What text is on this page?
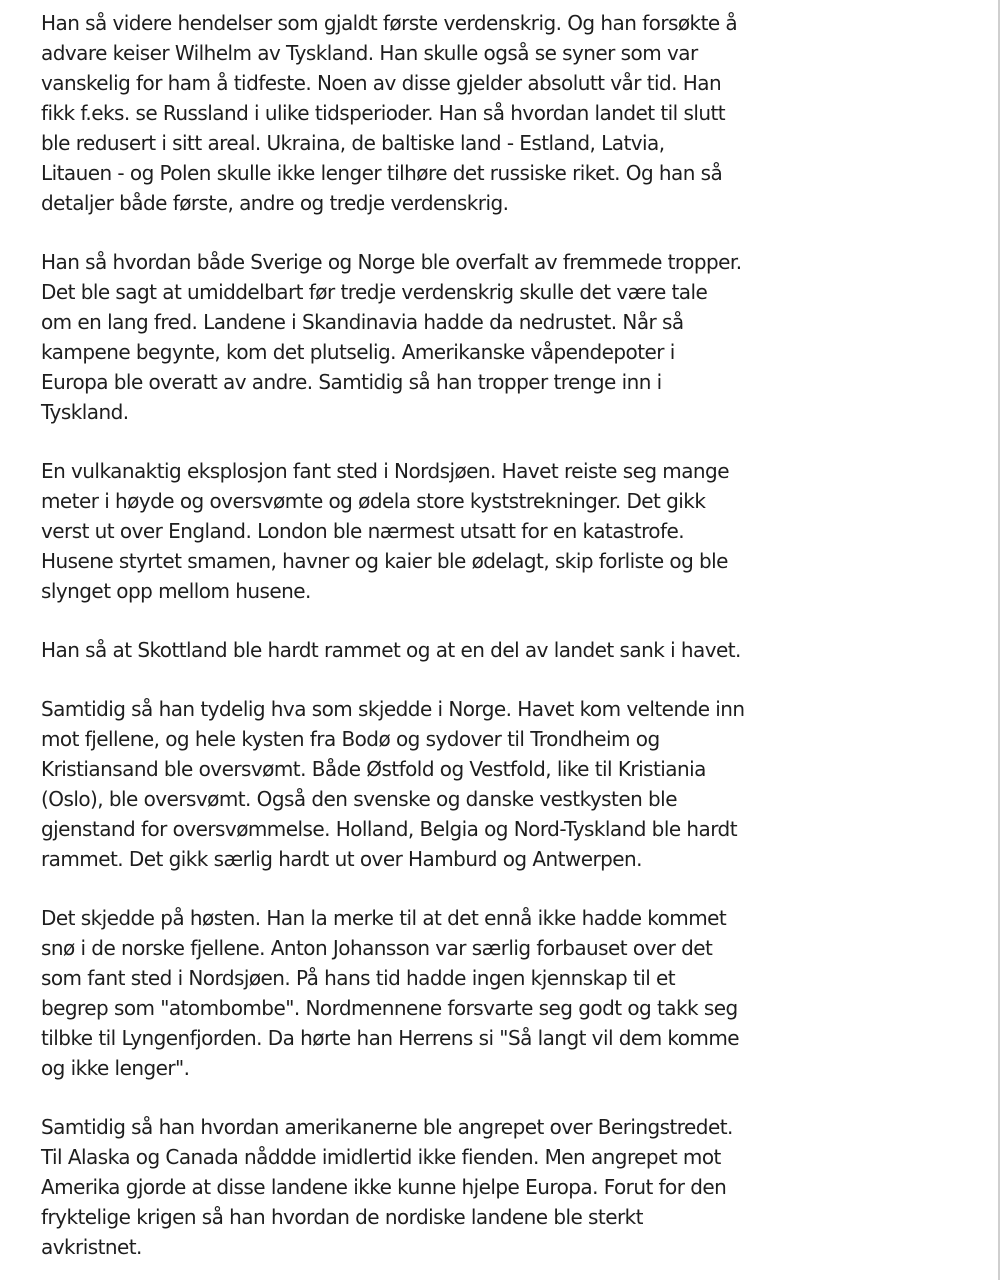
Han så videre hendelser som gjaldt første verdenskrig. Og han forsøkte å
advare keiser Wilhelm av Tyskland. Han skulle også se syner som var
vanskelig for ham å tidfeste. Noen av disse gjelder absolutt vår tid. Han
fikk f.eks. se Russland i ulike tidsperioder. Han så hvordan landet til slutt
ble redusert i sitt areal. Ukraina, de baltiske land - Estland, Latvia,
Litauen - og Polen skulle ikke lenger tilhøre det russiske riket. Og han så
detaljer både første, andre og tredje verdenskrig.

Han så hvordan både Sverige og Norge ble overfalt av fremmede tropper.
Det ble sagt at umiddelbart før tredje verdenskrig skulle det være tale
om en lang fred. Landene i Skandinavia hadde da nedrustet. Når så
kampene begynte, kom det plutselig. Amerikanske våpendepoter i
Europa ble overatt av andre. Samtidig så han tropper trenge inn i
Tyskland.

En vulkanaktig eksplosjon fant sted i Nordsjøen. Havet reiste seg mange
meter i høyde og oversvømte og ødela store kyststrekninger. Det gikk
verst ut over England. London ble nærmest utsatt for en katastrofe.
Husene styrtet smamen, havner og kaier ble ødelagt, skip forliste og ble
slynget opp mellom husene.

Han så at Skottland ble hardt rammet og at en del av landet sank i havet.

Samtidig så han tydelig hva som skjedde i Norge. Havet kom veltende inn
mot fjellene, og hele kysten fra Bodø og sydover til Trondheim og
Kristiansand ble oversvømt. Både Østfold og Vestfold, like til Kristiania
(Oslo), ble oversvømt. Også den svenske og danske vestkysten ble
gjenstand for oversvømmelse. Holland, Belgia og Nord-Tyskland ble hardt
rammet. Det gikk særlig hardt ut over Hamburd og Antwerpen.

Det skjedde på høsten. Han la merke til at det ennå ikke hadde kommet
snø i de norske fjellene. Anton Johansson var særlig forbauset over det
som fant sted i Nordsjøen. På hans tid hadde ingen kjennskap til et
begrep som "atombombe". Nordmennene forsvarte seg godt og takk seg
tilbke til Lyngenfjorden. Da hørte han Herrens si "Så langt vil dem komme
og ikke lenger".

Samtidig så han hvordan amerikanerne ble angrepet over Beringstredet.
Til Alaska og Canada nåddde imidlertid ikke fienden. Men angrepet mot
Amerika gjorde at disse landene ikke kunne hjelpe Europa. Forut for den
fryktelige krigen så han hvordan de nordiske landene ble sterkt
avkristnet.
